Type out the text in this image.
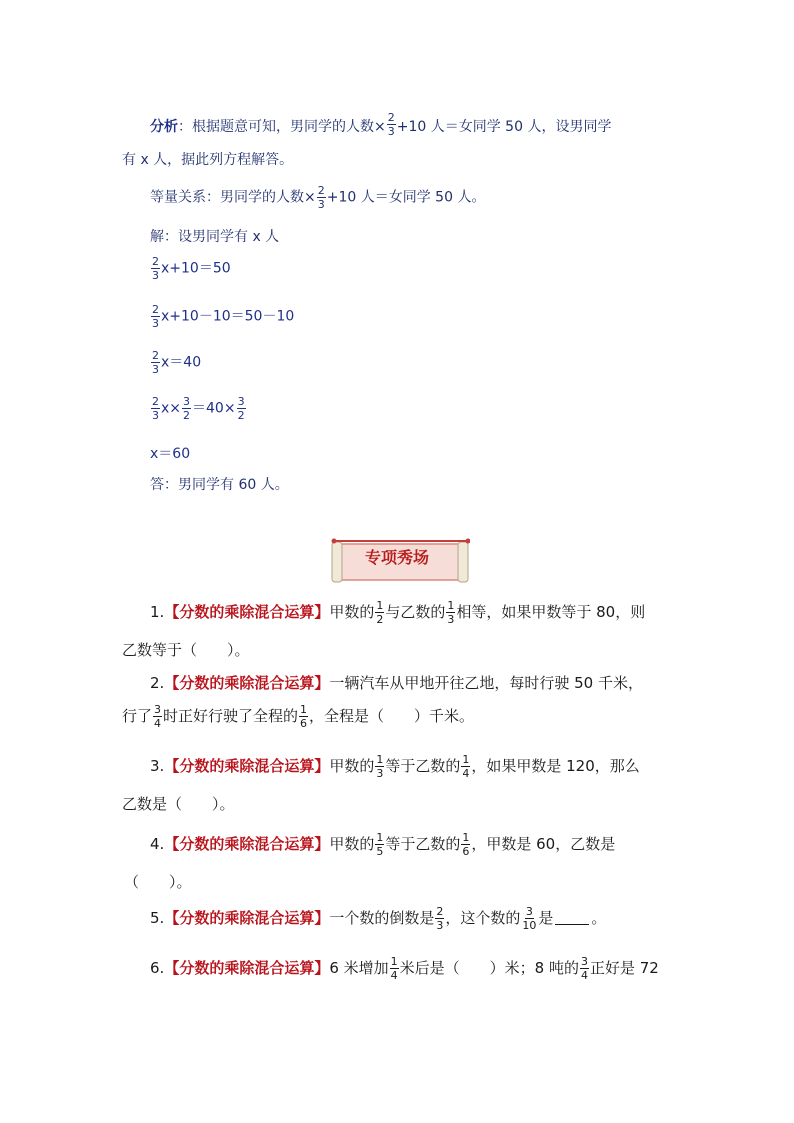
分析：根据题意可知，男同学的人数× $\frac{2}{3} +10$ 人＝女同学 50 人，设男同学
有 x 人，据此列方程解答。
等量关系：男同学的人数× $\frac{2}{3} +10$ 人＝女同学 50 人。
解：设男同学有 x 人
$\frac{2}{3} x+10=50$
$\frac{2}{3} x+10-10=50-10$
$\frac{2}{3} x=40$
$\frac{2}{3} x\times \frac{3}{2} =40\times \frac{3}{2}$
x＝60
答：男同学有 60 人。
专项秀场
1.【分数的乘除混合运算】甲数的 $\frac{1}{2}$ 与乙数的 $\frac{1}{3}$ 相等，如果甲数等于 80，则
乙数等于（　　）。
2.【分数的乘除混合运算】一辆汽车从甲地开往乙地，每时行驶 50 千米，
行了 $\frac{3}{4}$ 时正好行驶了全程的 $\frac{1}{6}$ ，全程是（　　）千米。
3.【分数的乘除混合运算】甲数的 $\frac{1}{3}$ 等于乙数的 $\frac{1}{4}$ ，如果甲数是 120，那么
乙数是（　　）。
4.【分数的乘除混合运算】甲数的 $\frac{1}{5}$ 等于乙数的 $\frac{1}{6}$ ，甲数是 60，乙数是
（　　）。
5.【分数的乘除混合运算】一个数的倒数是 $\frac{2}{3}$ ，这个数的 $\frac{3}{10}$ 是	。
6.【分数的乘除混合运算】6 米增加 $\frac{1}{4}$ 米后是（　　）米；8 吨的 $\frac{3}{4}$ 正好是 72
